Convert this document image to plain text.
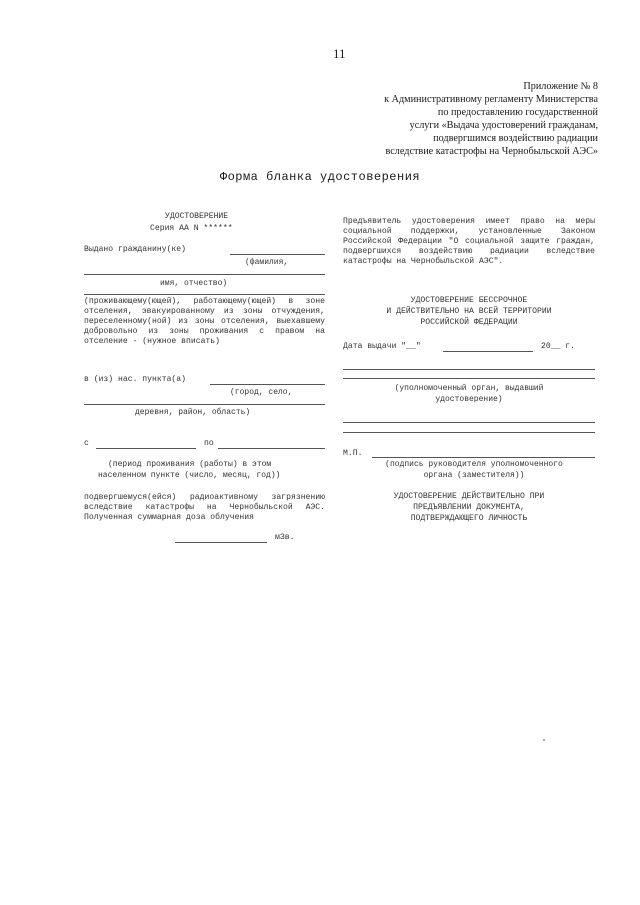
11
Приложение № 8
к Административному регламенту Министерства
по предоставлению государственной
услуги «Выдача удостоверений гражданам,
подвергшимся воздействию радиации
вследствие катастрофы на Чернобыльской АЭС»
Форма бланка удостоверения
УДОСТОВЕРЕНИЕ
Серия АА N ******
Выдано гражданину(ке)
(фамилия,
имя, отчество)
(проживающему(ющей), работающему(ющей) в зоне отселения, эвакуированному из зоны отчуждения, переселенному(ной) из зоны отселения, выехавшему добровольно из зоны проживания с правом на отселение - (нужное вписать)
в (из) нас. пункта(а)
(город, село,
деревня, район, область)
с	по
(период проживания (работы) в этом
населенном пункте (число, месяц, год))
подвергшемуся(ейся) радиоактивному загрязнению вследствие катастрофы на Чернобыльской АЭС. Полученная суммарная доза облучения
мЗв.
Предъявитель удостоверения имеет право на меры социальной поддержки, установленные Законом Российской Федерации "О социальной защите граждан, подвергшихся воздействию радиации вследствие катастрофы на Чернобыльской АЭС".
УДОСТОВЕРЕНИЕ БЕССРОЧНОЕ
И ДЕЙСТВИТЕЛЬНО НА ВСЕЙ ТЕРРИТОРИИ
РОССИЙСКОЙ ФЕДЕРАЦИИ
Дата выдачи "__"	20__ г.
(уполномоченный орган, выдавший
удостоверение)
М.П.
(подпись руководителя уполномоченного
органа (заместителя))
УДОСТОВЕРЕНИЕ ДЕЙСТВИТЕЛЬНО ПРИ
ПРЕДЪЯВЛЕНИИ ДОКУМЕНТА,
ПОДТВЕРЖДАЮЩЕГО ЛИЧНОСТЬ
